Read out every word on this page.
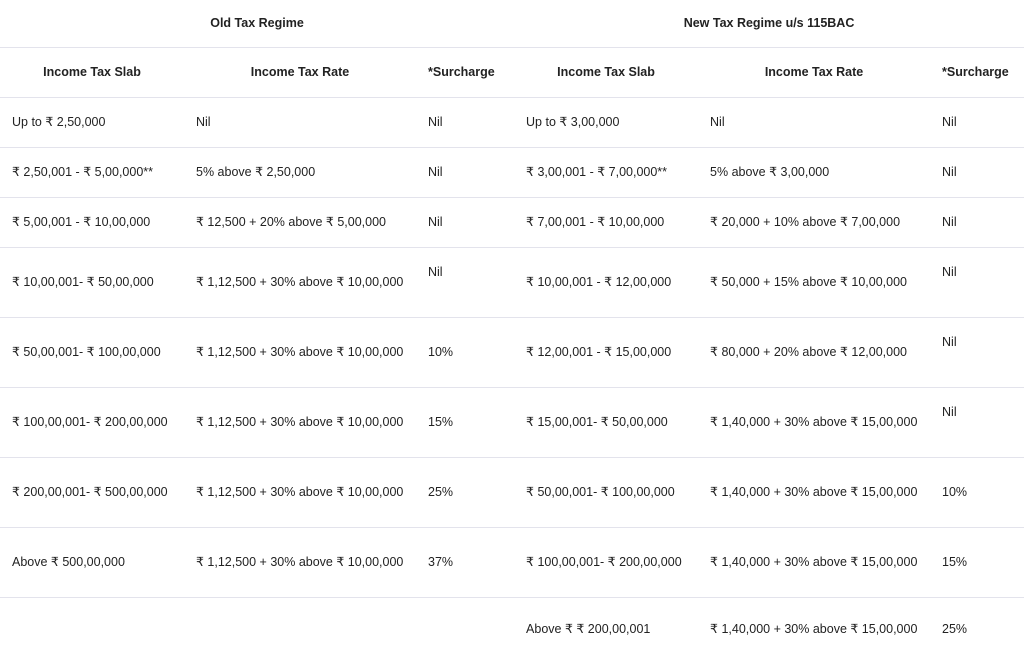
Old Tax Regime			New Tax Regime u/s 115BAC		
Income Tax Slab	Income Tax Rate	*Surcharge	Income Tax Slab	Income Tax Rate	*Surcharge
Up to ₹ 2,50,000	Nil	Nil	Up to ₹ 3,00,000	Nil	Nil
₹ 2,50,001 - ₹ 5,00,000**	5% above ₹ 2,50,000	Nil	₹ 3,00,001 - ₹ 7,00,000**	5% above ₹ 3,00,000	Nil
₹ 5,00,001 - ₹ 10,00,000	₹ 12,500 + 20% above ₹ 5,00,000	Nil	₹ 7,00,001 - ₹ 10,00,000	₹ 20,000 + 10% above ₹ 7,00,000	Nil
₹ 10,00,001- ₹ 50,00,000	₹ 1,12,500 + 30% above ₹ 10,00,000	Nil	₹ 10,00,001 - ₹ 12,00,000	₹ 50,000 + 15% above ₹ 10,00,000	Nil
₹ 50,00,001- ₹ 100,00,000	₹ 1,12,500 + 30% above ₹ 10,00,000	10%	₹ 12,00,001 - ₹ 15,00,000	₹ 80,000 + 20% above ₹ 12,00,000	Nil
₹ 100,00,001- ₹ 200,00,000	₹ 1,12,500 + 30% above ₹ 10,00,000	15%	₹ 15,00,001- ₹ 50,00,000	₹ 1,40,000 + 30% above ₹ 15,00,000	Nil
₹ 200,00,001- ₹ 500,00,000	₹ 1,12,500 + 30% above ₹ 10,00,000	25%	₹ 50,00,001- ₹ 100,00,000	₹ 1,40,000 + 30% above ₹ 15,00,000	10%
Above ₹ 500,00,000	₹ 1,12,500 + 30% above ₹ 10,00,000	37%	₹ 100,00,001- ₹ 200,00,000	₹ 1,40,000 + 30% above ₹ 15,00,000	15%
			Above ₹ ₹ 200,00,001	₹ 1,40,000 + 30% above ₹ 15,00,000	25%
